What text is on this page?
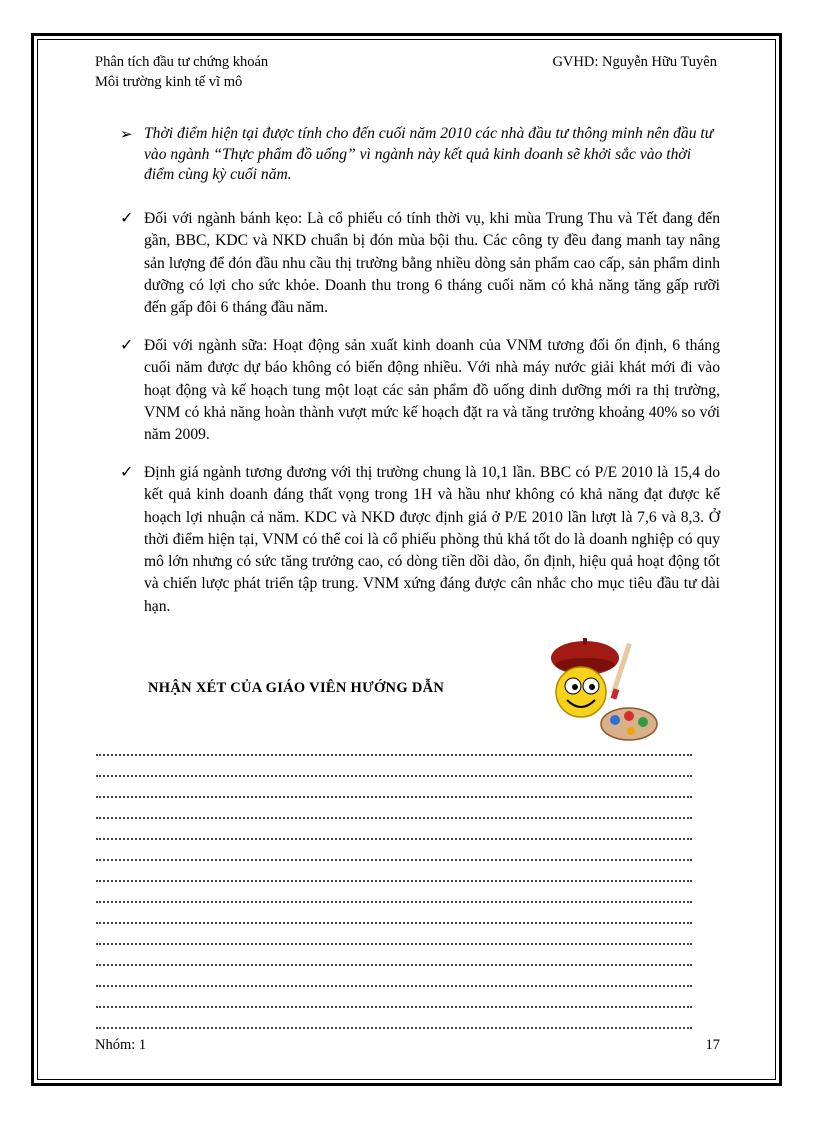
Phân tích đầu tư chứng khoán
Môi trường kinh tế vĩ mô
GVHD: Nguyễn Hữu Tuyên
➢ Thời điểm hiện tại được tính cho đến cuối năm 2010 các nhà đầu tư thông minh nên đầu tư vào ngành “Thực phẩm đồ uống” vì ngành này kết quả kinh doanh sẽ khởi sắc vào thời điểm cùng kỳ cuối năm.

✓ Đối với ngành bánh kẹo: Là cổ phiếu có tính thời vụ, khi mùa Trung Thu và Tết đang đến gần, BBC, KDC và NKD chuẩn bị đón mùa bội thu. Các công ty đều đang manh tay nâng sản lượng để đón đầu nhu cầu thị trường bằng nhiều dòng sản phẩm cao cấp, sản phẩm dinh dưỡng có lợi cho sức khỏe. Doanh thu trong 6 tháng cuối năm có khả năng tăng gấp rưỡi đến gấp đôi 6 tháng đầu năm.

✓ Đối với ngành sữa: Hoạt động sản xuất kinh doanh của VNM tương đối ổn định, 6 tháng cuối năm được dự báo không có biến động nhiều. Với nhà máy nước giải khát mới đi vào hoạt động và kế hoạch tung một loạt các sản phẩm đồ uống dinh dưỡng mới ra thị trường, VNM có khả năng hoàn thành vượt mức kế hoạch đặt ra và tăng trưởng khoảng 40% so với năm 2009.

✓ Định giá ngành tương đương với thị trường chung là 10,1 lần. BBC có P/E 2010 là 15,4 do kết quả kinh doanh đáng thất vọng trong 1H và hầu như không có khả năng đạt được kế hoạch lợi nhuận cả năm. KDC và NKD được định giá ở P/E 2010 lần lượt là 7,6 và 8,3. Ở thời điểm hiện tại, VNM có thể coi là cổ phiếu phòng thủ khá tốt do là doanh nghiệp có quy mô lớn nhưng có sức tăng trưởng cao, có dòng tiền dồi dào, ổn định, hiệu quả hoạt động tốt và chiến lược phát triển tập trung. VNM xứng đáng được cân nhắc cho mục tiêu đầu tư dài hạn.

NHẬN XÉT CỦA GIÁO VIÊN HƯỚNG DẪN
Nhóm: 1	17
